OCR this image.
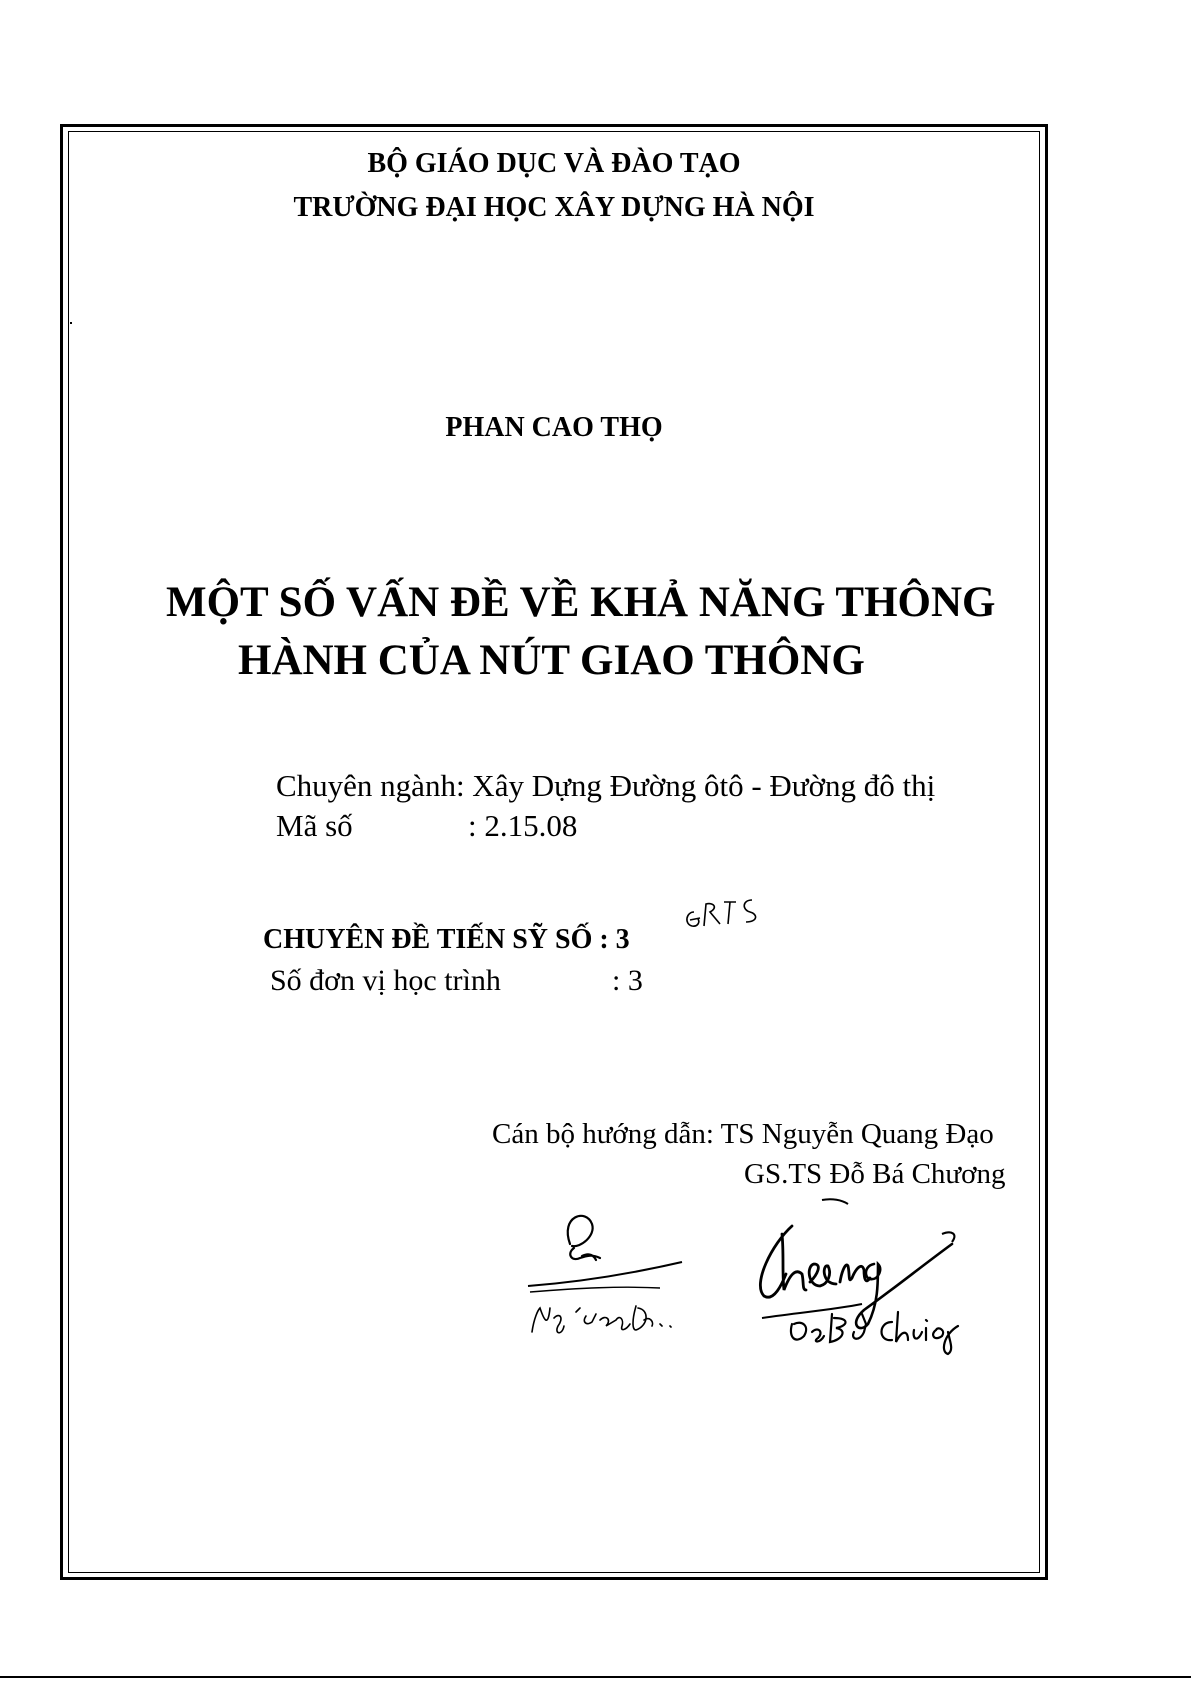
BỘ GIÁO DỤC VÀ ĐÀO TẠO
TRƯỜNG ĐẠI HỌC XÂY DỰNG HÀ NỘI
PHAN CAO THỌ
MỘT SỐ VẤN ĐỀ VỀ KHẢ NĂNG THÔNG
HÀNH CỦA NÚT GIAO THÔNG
Chuyên ngành: Xây Dựng Đường ôtô - Đường đô thị
Mã số	: 2.15.08
CHUYÊN ĐỀ TIẾN SỸ SỐ : 3
Số đơn vị học trình	: 3
Cán bộ hướng dẫn: TS Nguyễn Quang Đạo
GS.TS Đỗ Bá Chương
